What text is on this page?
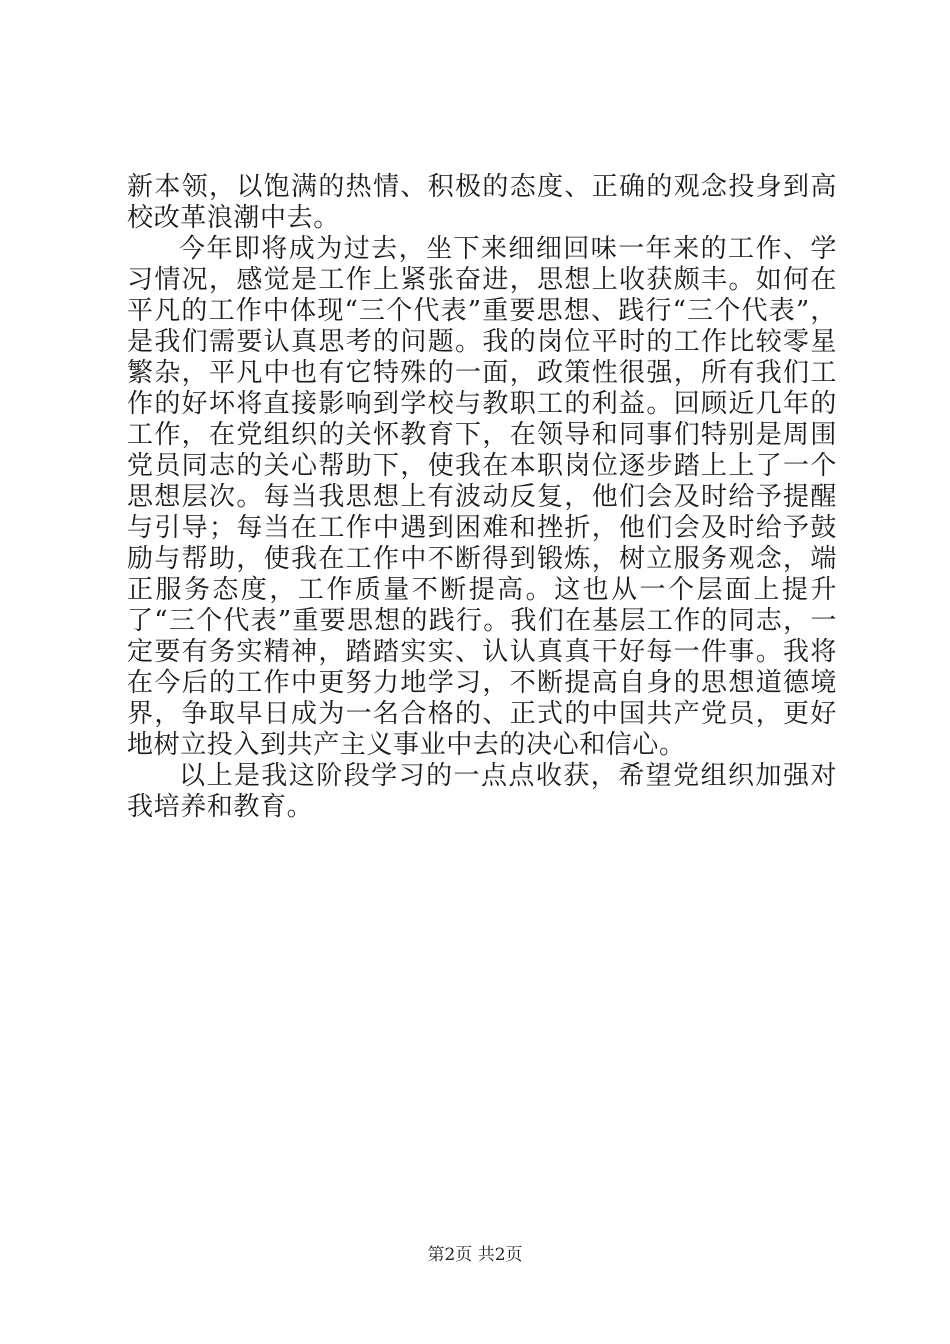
新本领，以饱满的热情、积极的态度、正确的观念投身到高校改革浪潮中去。

今年即将成为过去，坐下来细细回味一年来的工作、学习情况，感觉是工作上紧张奋进，思想上收获颇丰。如何在平凡的工作中体现“三个代表”重要思想、践行“三个代表”，是我们需要认真思考的问题。我的岗位平时的工作比较零星繁杂，平凡中也有它特殊的一面，政策性很强，所有我们工作的好坏将直接影响到学校与教职工的利益。回顾近几年的工作，在党组织的关怀教育下，在领导和同事们特别是周围党员同志的关心帮助下，使我在本职岗位逐步踏上上了一个思想层次。每当我思想上有波动反复，他们会及时给予提醒与引导；每当在工作中遇到困难和挫折，他们会及时给予鼓励与帮助，使我在工作中不断得到锻炼，树立服务观念，端正服务态度，工作质量不断提高。这也从一个层面上提升了“三个代表”重要思想的践行。我们在基层工作的同志，一定要有务实精神，踏踏实实、认认真真干好每一件事。我将在今后的工作中更努力地学习，不断提高自身的思想道德境界，争取早日成为一名合格的、正式的中国共产党员，更好地树立投入到共产主义事业中去的决心和信心。

以上是我这阶段学习的一点点收获，希望党组织加强对我培养和教育。

第2页 共2页
